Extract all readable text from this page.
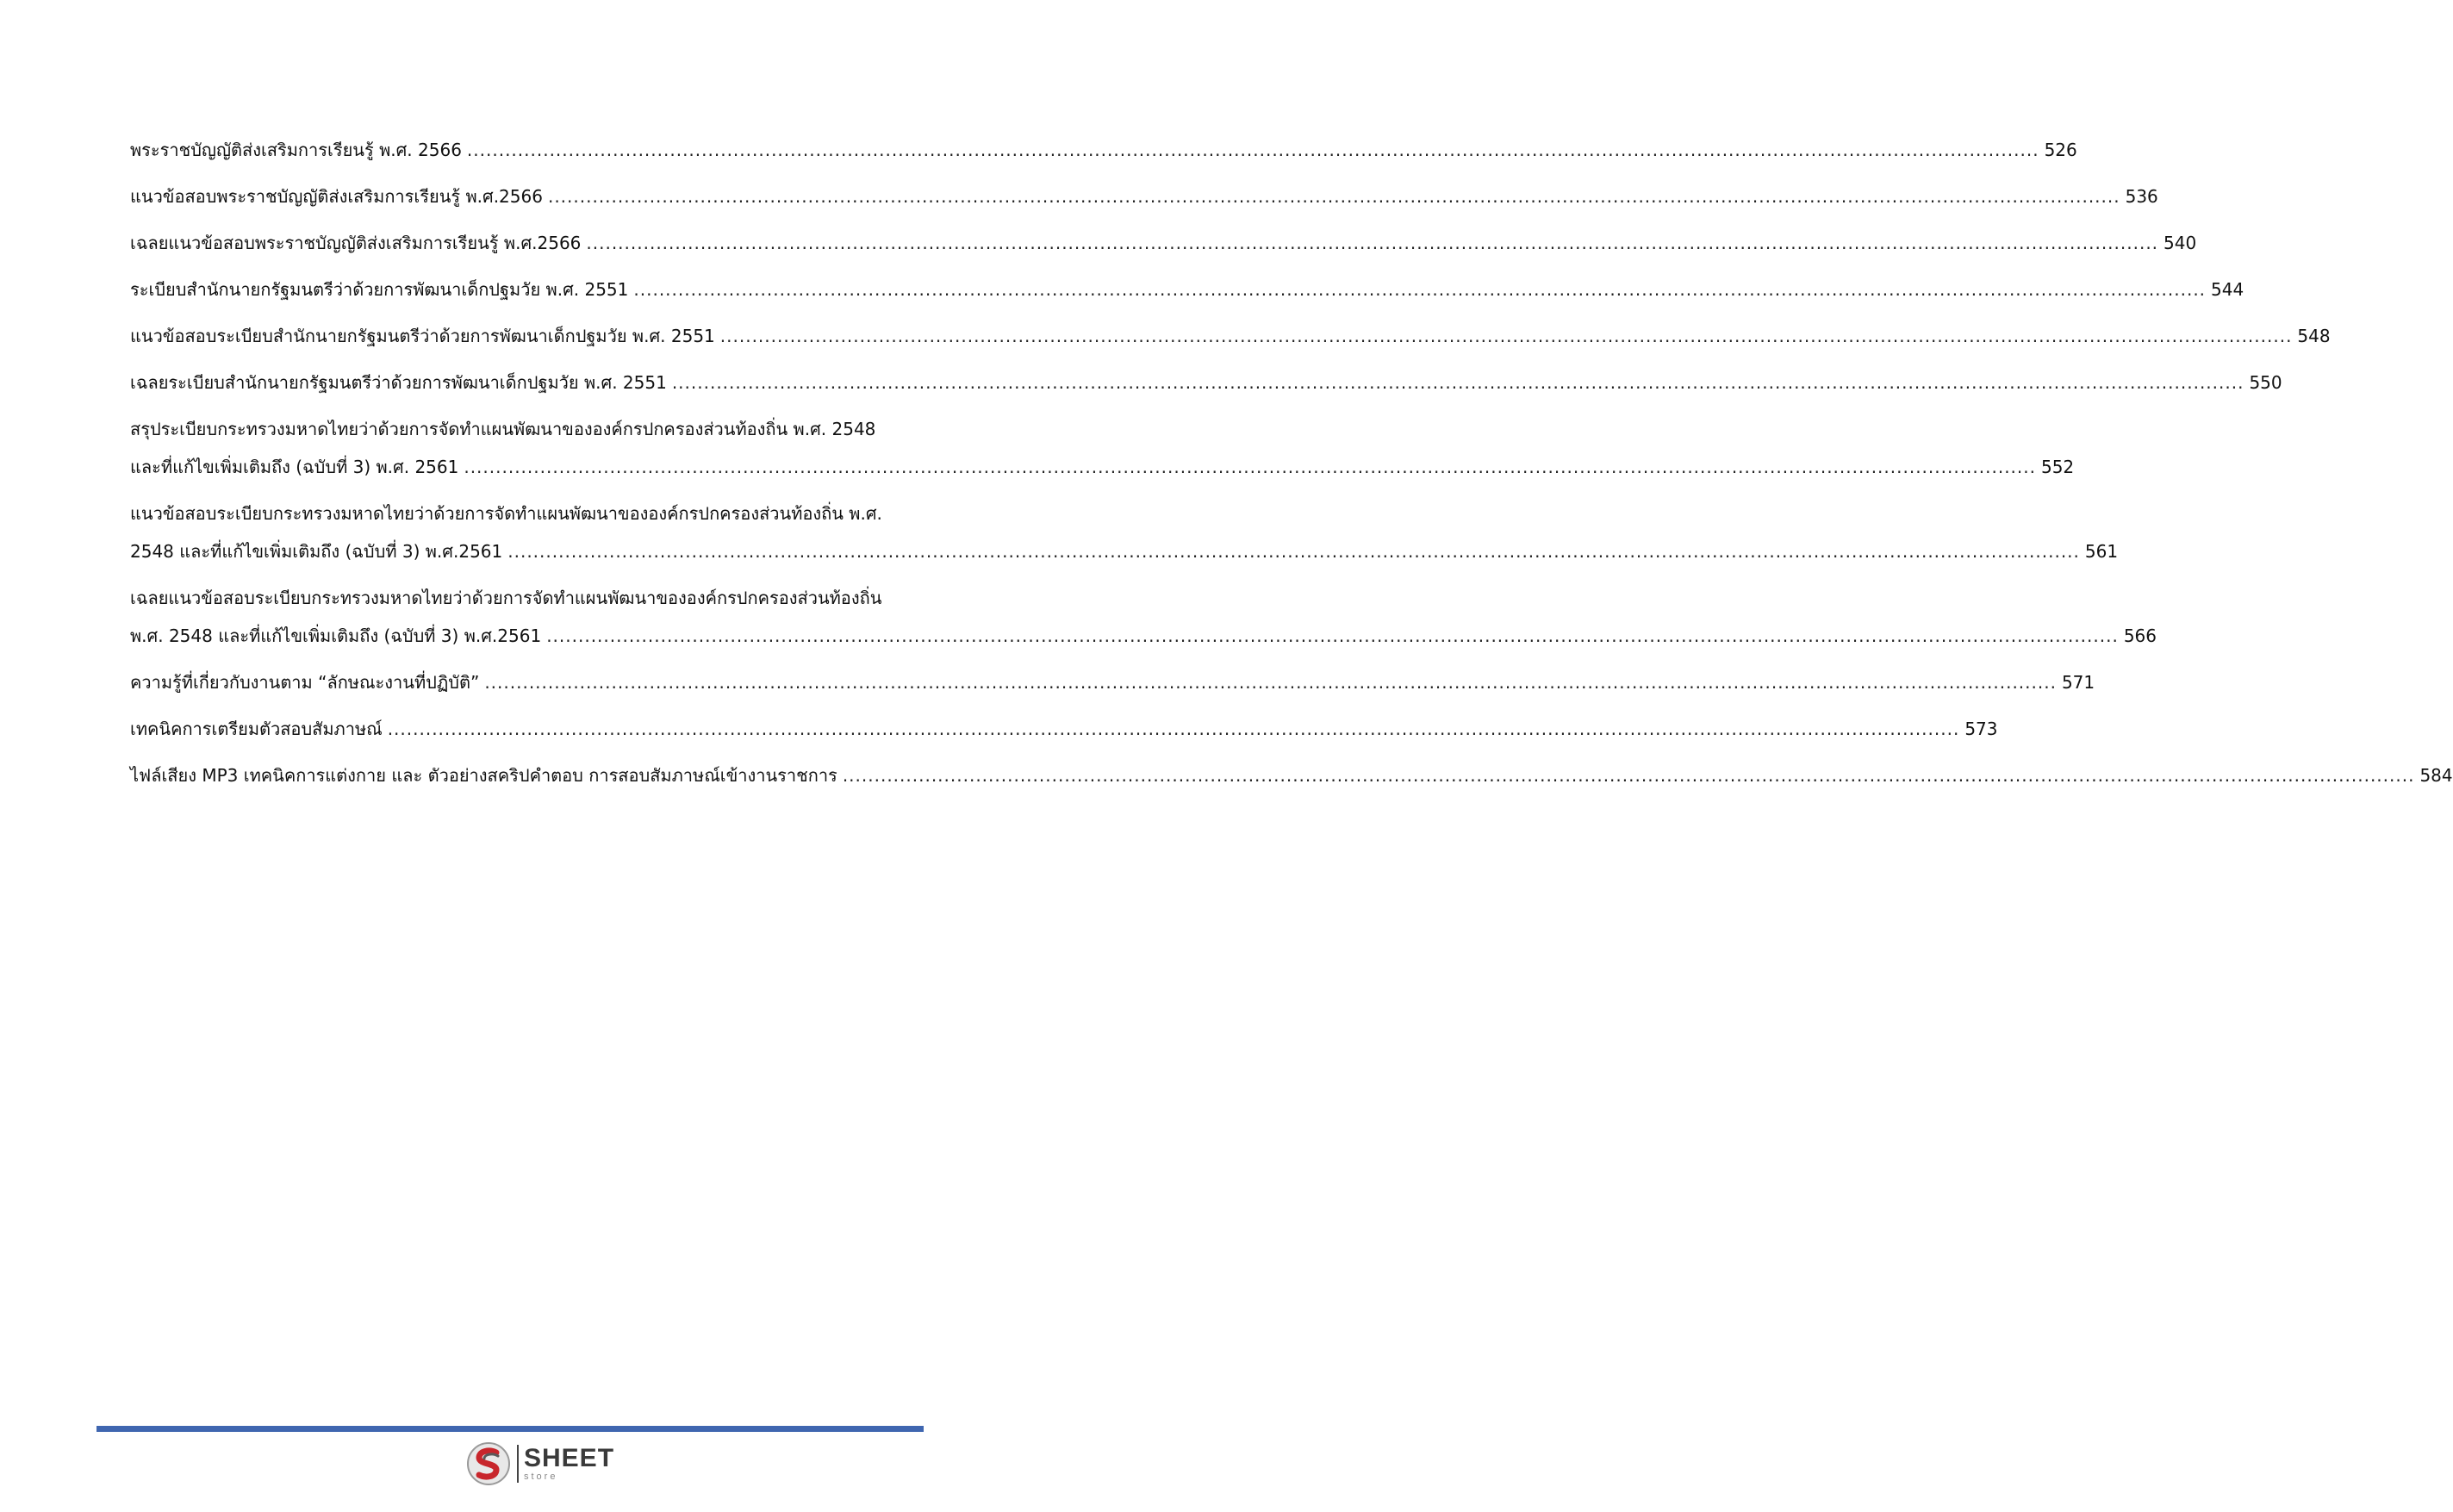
พระราชบัญญัติส่งเสริมการเรียนรู้ พ.ศ. 2566 .....	526
แนวข้อสอบพระราชบัญญัติส่งเสริมการเรียนรู้ พ.ศ.2566 .....	536
เฉลยแนวข้อสอบพระราชบัญญัติส่งเสริมการเรียนรู้ พ.ศ.2566 .....	540
ระเบียบสำนักนายกรัฐมนตรีว่าด้วยการพัฒนาเด็กปฐมวัย พ.ศ. 2551 .....	544
แนวข้อสอบระเบียบสำนักนายกรัฐมนตรีว่าด้วยการพัฒนาเด็กปฐมวัย พ.ศ. 2551 .....	548
เฉลยระเบียบสำนักนายกรัฐมนตรีว่าด้วยการพัฒนาเด็กปฐมวัย พ.ศ. 2551 .....	550
สรุประเบียบกระทรวงมหาดไทยว่าด้วยการจัดทำแผนพัฒนาขององค์กรปกครองส่วนท้องถิ่น พ.ศ. 2548
และที่แก้ไขเพิ่มเติมถึง (ฉบับที่ 3) พ.ศ. 2561 .....	552
แนวข้อสอบระเบียบกระทรวงมหาดไทยว่าด้วยการจัดทำแผนพัฒนาขององค์กรปกครองส่วนท้องถิ่น พ.ศ.
2548 และที่แก้ไขเพิ่มเติมถึง (ฉบับที่ 3) พ.ศ.2561 .....	561
เฉลยแนวข้อสอบระเบียบกระทรวงมหาดไทยว่าด้วยการจัดทำแผนพัฒนาขององค์กรปกครองส่วนท้องถิ่น
พ.ศ. 2548 และที่แก้ไขเพิ่มเติมถึง (ฉบับที่ 3) พ.ศ.2561 .....	566
ความรู้ที่เกี่ยวกับงานตาม “ลักษณะงานที่ปฏิบัติ” .....	571
เทคนิคการเตรียมตัวสอบสัมภาษณ์ .....	573
ไฟล์เสียง MP3 เทคนิคการแต่งกาย และ ตัวอย่างสคริปคำตอบ การสอบสัมภาษณ์เข้างานราชการ .....	584
SHEET
store
